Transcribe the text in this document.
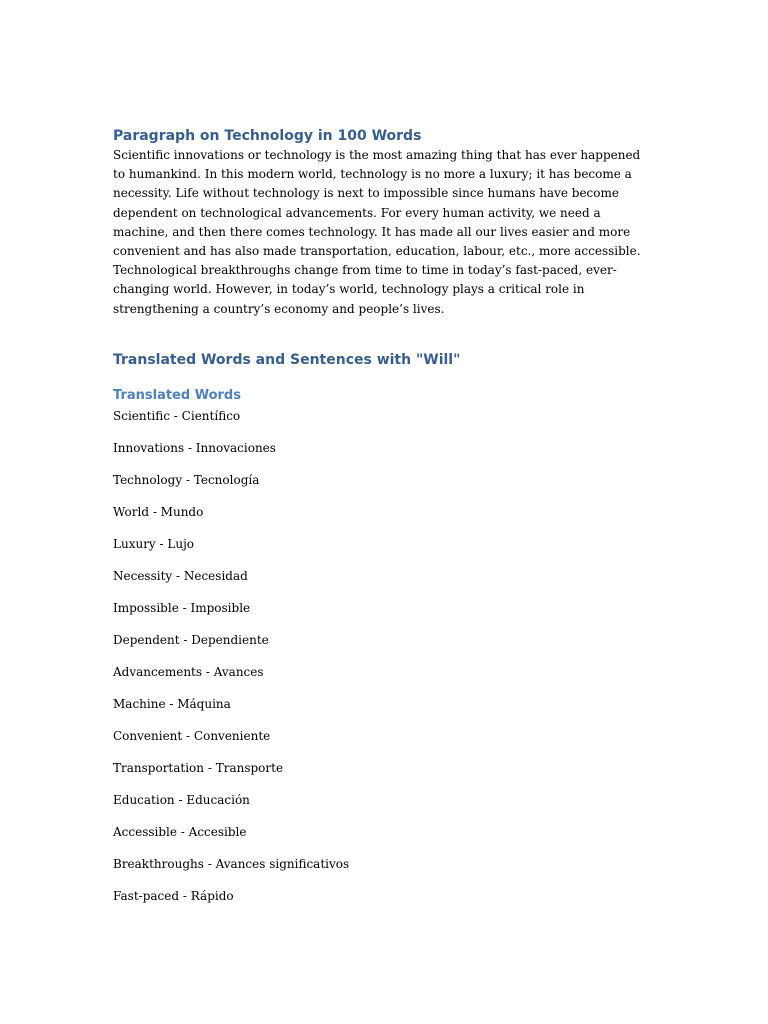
Paragraph on Technology in 100 Words

Scientific innovations or technology is the most amazing thing that has ever happened to humankind. In this modern world, technology is no more a luxury; it has become a necessity. Life without technology is next to impossible since humans have become dependent on technological advancements. For every human activity, we need a machine, and then there comes technology. It has made all our lives easier and more convenient and has also made transportation, education, labour, etc., more accessible. Technological breakthroughs change from time to time in today’s fast-paced, ever-changing world. However, in today’s world, technology plays a critical role in strengthening a country’s economy and people’s lives.

Translated Words and Sentences with "Will"
Translated Words
Scientific - Científico
Innovations - Innovaciones
Technology - Tecnología
World - Mundo
Luxury - Lujo
Necessity - Necesidad
Impossible - Imposible
Dependent - Dependiente
Advancements - Avances
Machine - Máquina
Convenient - Conveniente
Transportation - Transporte
Education - Educación
Accessible - Accesible
Breakthroughs - Avances significativos
Fast-paced - Rápido
